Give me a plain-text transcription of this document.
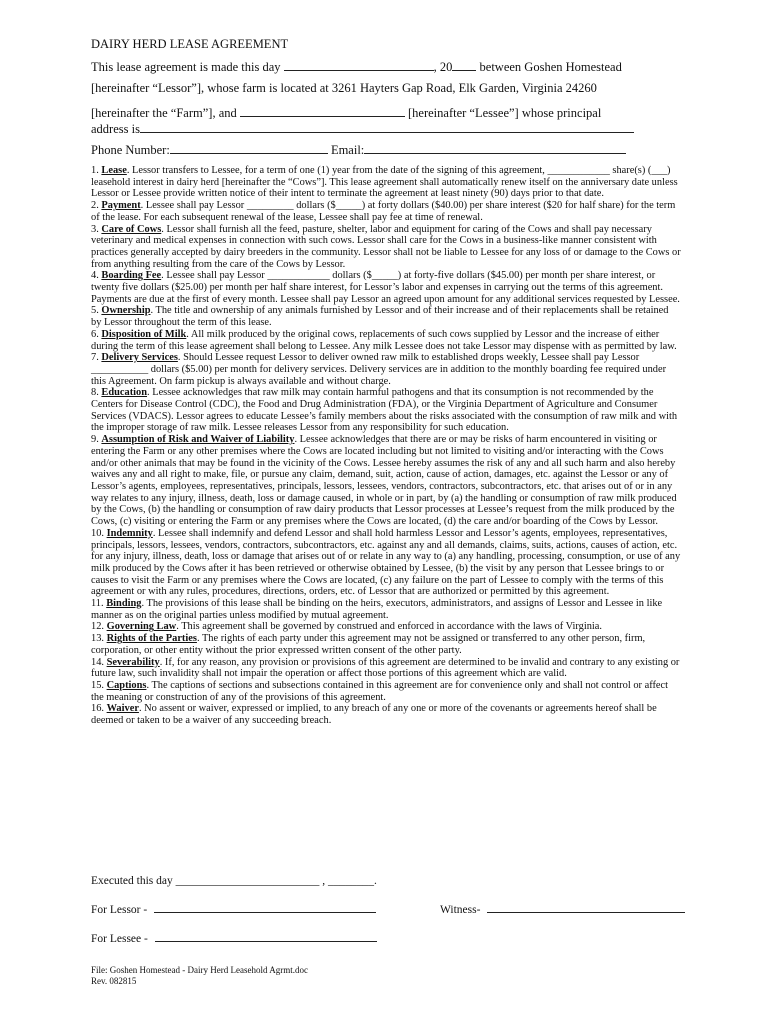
DAIRY HERD LEASE AGREEMENT
This lease agreement is made this day	, 20 between Goshen Homestead
[hereinafter “Lessor”], whose farm is located at 3261 Hayters Gap Road, Elk Garden, Virginia 24260
[hereinafter the “Farm”], and	[hereinafter “Lessee”] whose principal
address is
Phone Number:	Email:

1. Lease. Lessor transfers to Lessee, for a term of one (1) year from the date of the signing of this agreement, ____________ share(s) (___) leasehold interest in dairy herd [hereinafter the “Cows”]. This lease agreement shall automatically renew itself on the anniversary date unless Lessor or Lessee provide written notice of their intent to terminate the agreement at least ninety (90) days prior to that date.

2. Payment. Lessee shall pay Lessor _________ dollars ($_____) at forty dollars ($40.00) per share interest ($20 for half share) for the term of the lease. For each subsequent renewal of the lease, Lessee shall pay fee at time of renewal.

3. Care of Cows. Lessor shall furnish all the feed, pasture, shelter, labor and equipment for caring of the Cows and shall pay necessary veterinary and medical expenses in connection with such cows. Lessor shall care for the Cows in a business-like manner consistent with practices generally accepted by dairy breeders in the community. Lessor shall not be liable to Lessee for any loss of or damage to the Cows or from anything resulting from the care of the Cows by Lessor.

4. Boarding Fee. Lessee shall pay Lessor ____________ dollars ($_____) at forty-five dollars ($45.00) per month per share interest, or twenty five dollars ($25.00) per month per half share interest, for Lessor’s labor and expenses in carrying out the terms of this agreement. Payments are due at the first of every month. Lessee shall pay Lessor an agreed upon amount for any additional services requested by Lessee.

5. Ownership. The title and ownership of any animals furnished by Lessor and of their increase and of their replacements shall be retained by Lessor throughout the term of this lease.

6. Disposition of Milk. All milk produced by the original cows, replacements of such cows supplied by Lessor and the increase of either during the term of this lease agreement shall belong to Lessee. Any milk Lessee does not take Lessor may dispense with as permitted by law.

7. Delivery Services. Should Lessee request Lessor to deliver owned raw milk to established drops weekly, Lessee shall pay Lessor ___________ dollars ($5.00) per month for delivery services. Delivery services are in addition to the monthly boarding fee required under this Agreement. On farm pickup is always available and without charge.

8. Education. Lessee acknowledges that raw milk may contain harmful pathogens and that its consumption is not recommended by the Centers for Disease Control (CDC), the Food and Drug Administration (FDA), or the Virginia Department of Agriculture and Consumer Services (VDACS). Lessor agrees to educate Lessee’s family members about the risks associated with the consumption of raw milk and with the improper storage of raw milk. Lessee releases Lessor from any responsibility for such education.

9. Assumption of Risk and Waiver of Liability. Lessee acknowledges that there are or may be risks of harm encountered in visiting or entering the Farm or any other premises where the Cows are located including but not limited to visiting and/or interacting with the Cows and/or other animals that may be found in the vicinity of the Cows. Lessee hereby assumes the risk of any and all such harm and also hereby waives any and all right to make, file, or pursue any claim, demand, suit, action, cause of action, damages, etc. against the Lessor or any of Lessor’s agents, employees, representatives, principals, lessors, lessees, vendors, contractors, subcontractors, etc. that arises out of or in any way relates to any injury, illness, death, loss or damage caused, in whole or in part, by (a) the handling or consumption of raw milk produced by the Cows, (b) the handling or consumption of raw dairy products that Lessor processes at Lessee’s request from the milk produced by the Cows, (c) visiting or entering the Farm or any premises where the Cows are located, (d) the care and/or boarding of the Cows by Lessor.

10. Indemnity. Lessee shall indemnify and defend Lessor and shall hold harmless Lessor and Lessor’s agents, employees, representatives, principals, lessors, lessees, vendors, contractors, subcontractors, etc. against any and all demands, claims, suits, actions, causes of action, etc. for any injury, illness, death, loss or damage that arises out of or relate in any way to (a) any handling, processing, consumption, or use of any milk produced by the Cows after it has been retrieved or otherwise obtained by Lessee, (b) the visit by any person that Lessee brings to or causes to visit the Farm or any premises where the Cows are located, (c) any failure on the part of Lessee to comply with the terms of this agreement or with any rules, procedures, directions, orders, etc. of Lessor that are authorized or permitted by this agreement.

11. Binding. The provisions of this lease shall be binding on the heirs, executors, administrators, and assigns of Lessor and Lessee in like manner as on the original parties unless modified by mutual agreement.

12. Governing Law. This agreement shall be governed by construed and enforced in accordance with the laws of Virginia.

13. Rights of the Parties. The rights of each party under this agreement may not be assigned or transferred to any other person, firm, corporation, or other entity without the prior expressed written consent of the other party.

14. Severability. If, for any reason, any provision or provisions of this agreement are determined to be invalid and contrary to any existing or future law, such invalidity shall not impair the operation or affect those portions of this agreement which are valid.

15. Captions. The captions of sections and subsections contained in this agreement are for convenience only and shall not control or affect the meaning or construction of any of the provisions of this agreement.

16. Waiver. No assent or waiver, expressed or implied, to any breach of any one or more of the covenants or agreements hereof shall be deemed or taken to be a waiver of any succeeding breach.

Executed this day _________________________ , ________.
For Lessor -	Witness-
For Lessee -
File: Goshen Homestead - Dairy Herd Leasehold Agrmt.doc
Rev. 082815
